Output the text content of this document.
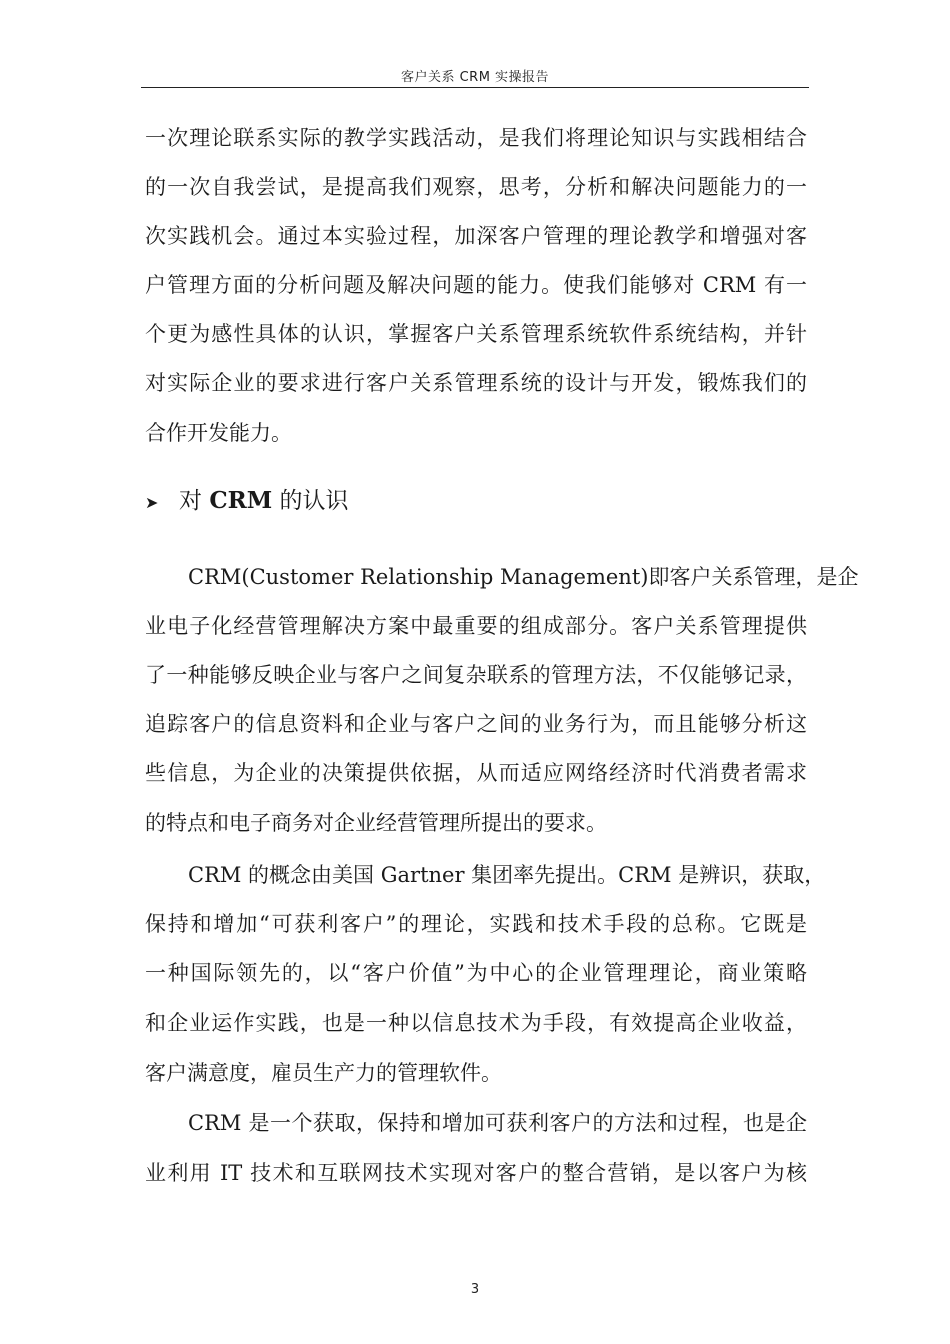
客户关系 CRM 实操报告
一次理论联系实际的教学实践活动，是我们将理论知识与实践相结合
的一次自我尝试，是提高我们观察，思考，分析和解决问题能力的一
次实践机会。通过本实验过程，加深客户管理的理论教学和增强对客
户管理方面的分析问题及解决问题的能力。使我们能够对 CRM 有一
个更为感性具体的认识，掌握客户关系管理系统软件系统结构，并针
对实际企业的要求进行客户关系管理系统的设计与开发，锻炼我们的
合作开发能力。
➤ 对 CRM 的认识
CRM(Customer Relationship Management)即客户关系管理，是企
业电子化经营管理解决方案中最重要的组成部分。客户关系管理提供
了一种能够反映企业与客户之间复杂联系的管理方法，不仅能够记录，
追踪客户的信息资料和企业与客户之间的业务行为，而且能够分析这
些信息，为企业的决策提供依据，从而适应网络经济时代消费者需求
的特点和电子商务对企业经营管理所提出的要求。
CRM 的概念由美国 Gartner 集团率先提出。CRM 是辨识，获取，
保持和增加“可获利客户”的理论，实践和技术手段的总称。它既是
一种国际领先的，以“客户价值”为中心的企业管理理论，商业策略
和企业运作实践，也是一种以信息技术为手段，有效提高企业收益，
客户满意度，雇员生产力的管理软件。
CRM 是一个获取，保持和增加可获利客户的方法和过程，也是企
业利用 IT 技术和互联网技术实现对客户的整合营销，是以客户为核
3
